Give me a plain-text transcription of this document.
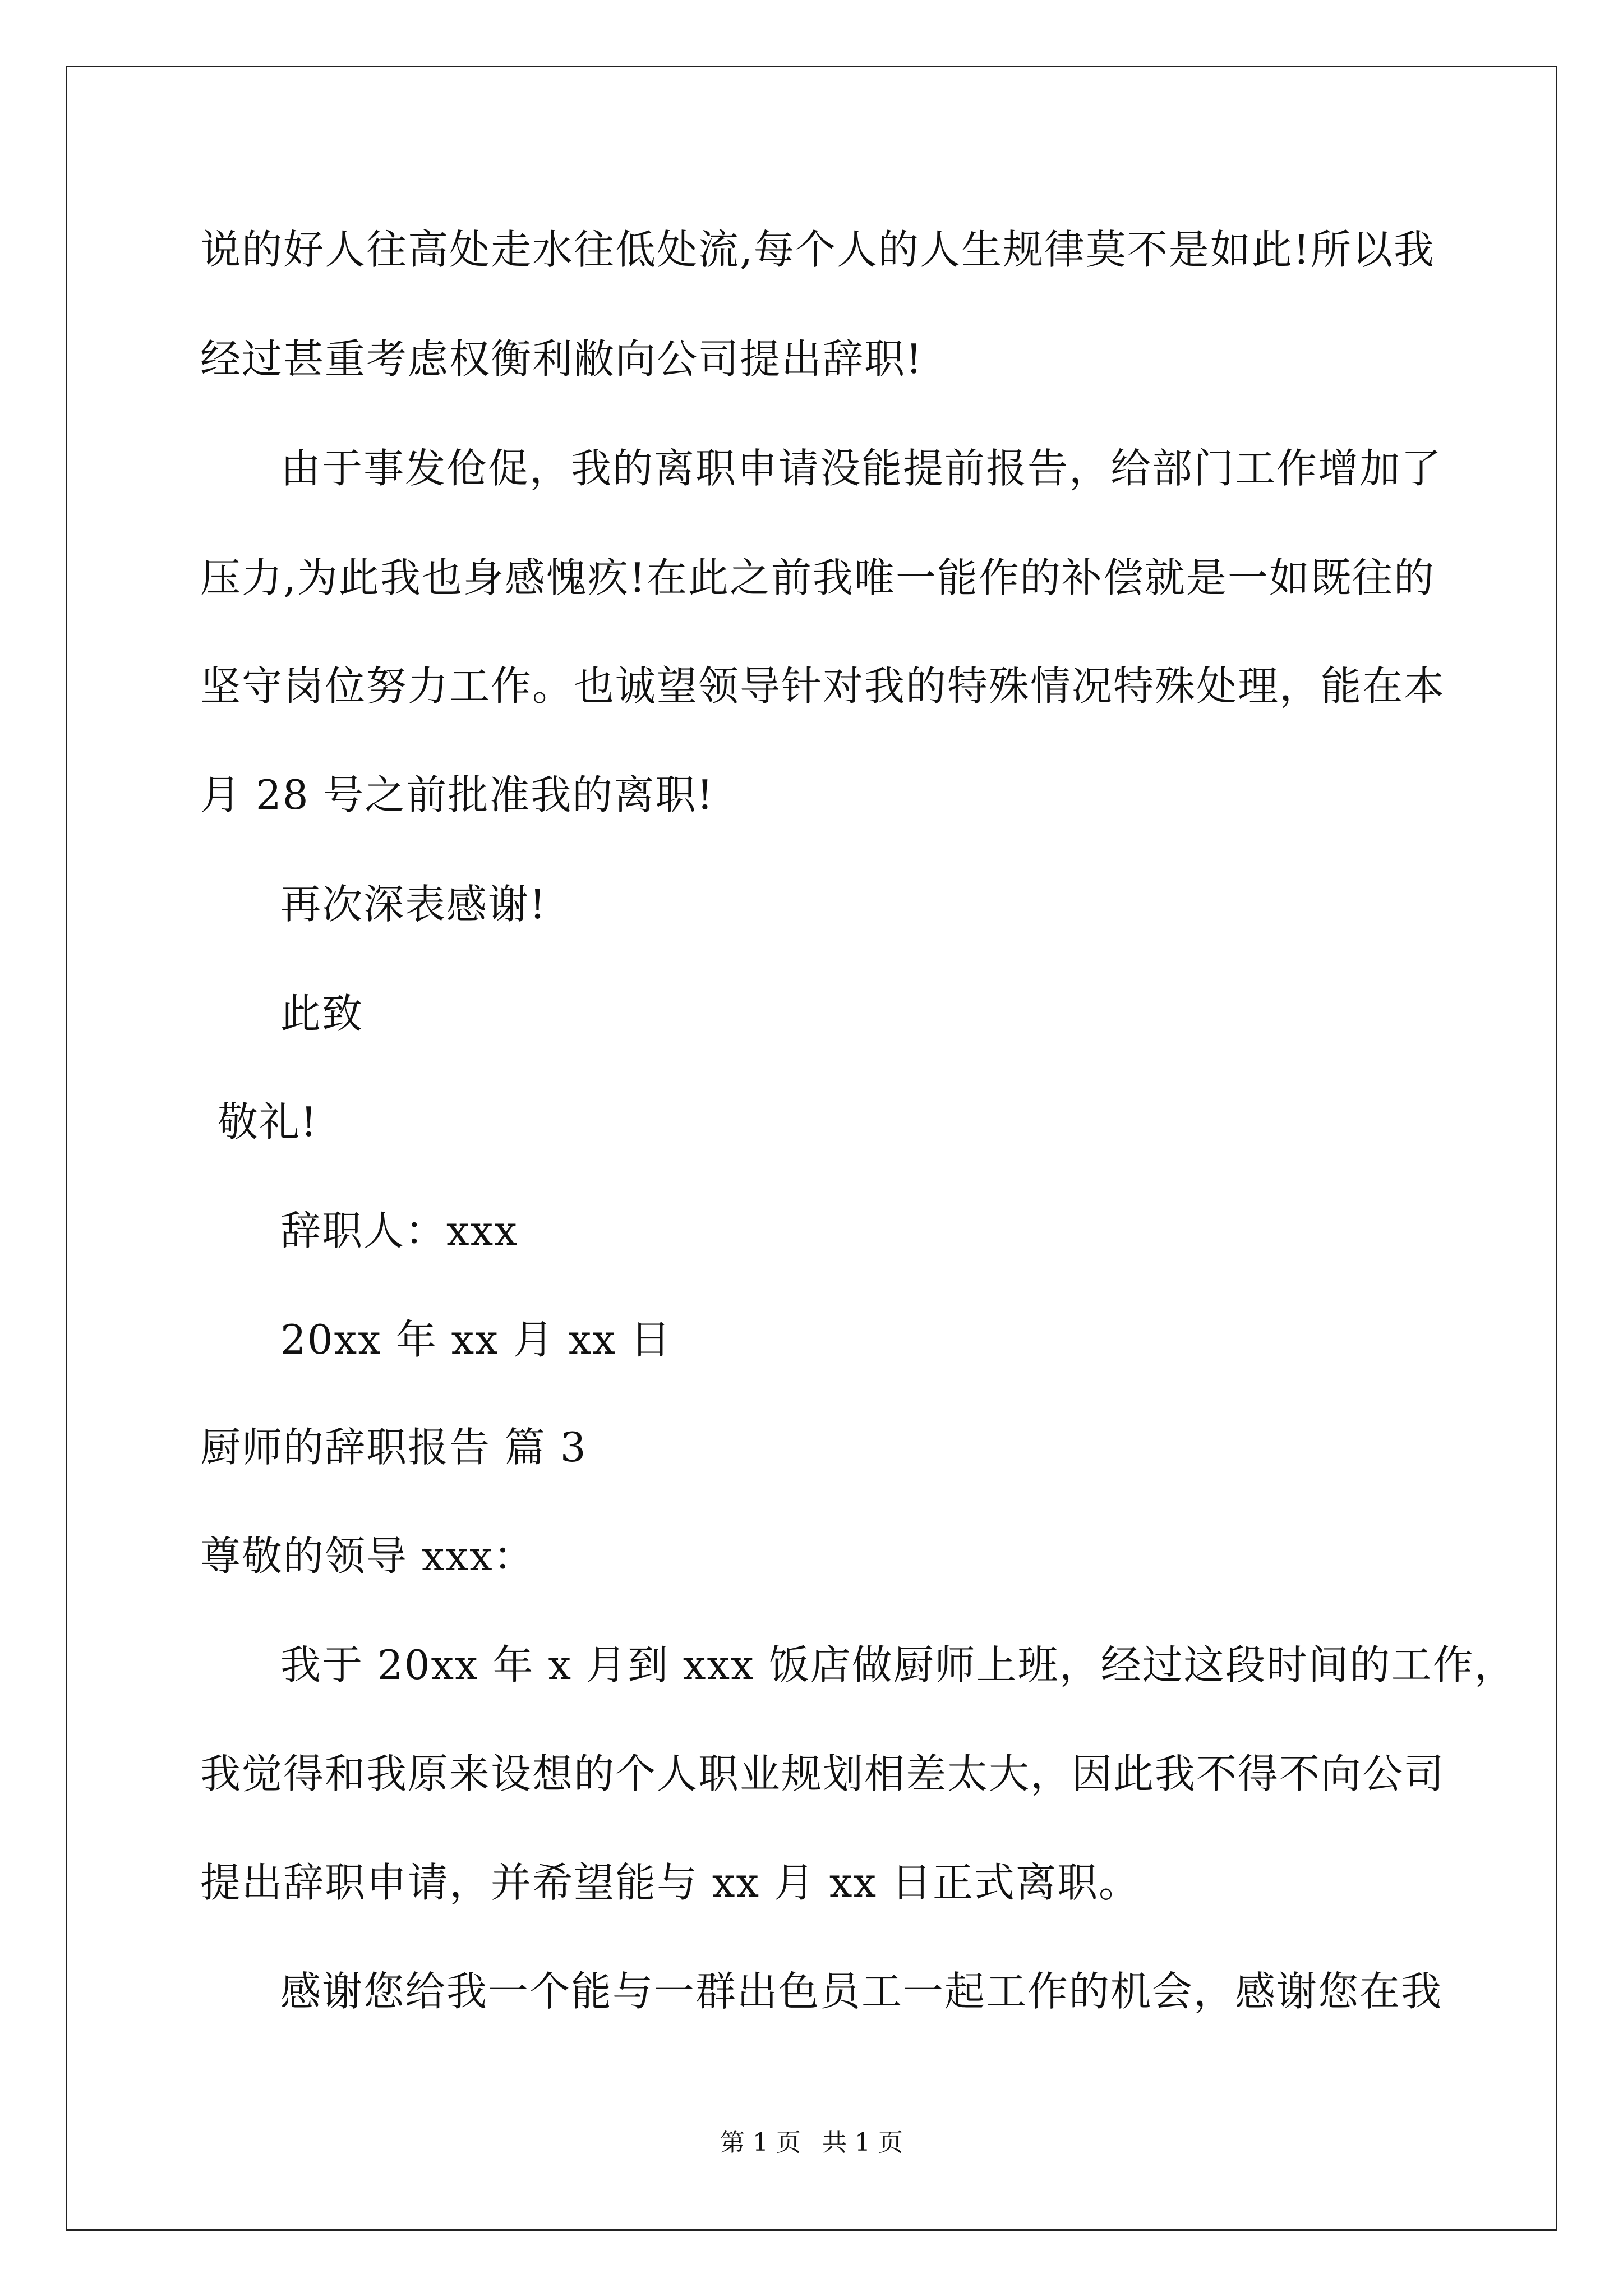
说的好人往高处走水往低处流,每个人的人生规律莫不是如此!所以我
经过甚重考虑权衡利敝向公司提出辞职!
由于事发伧促，我的离职申请没能提前报告，给部门工作增加了
压力,为此我也身感愧疚!在此之前我唯一能作的补偿就是一如既往的
坚守岗位努力工作。也诚望领导针对我的特殊情况特殊处理，能在本
月 28 号之前批准我的离职!
再次深表感谢!
此致
敬礼!
辞职人：xxx
20xx 年 xx 月 xx 日
厨师的辞职报告 篇 3
尊敬的领导 xxx：
我于 20xx 年 x 月到 xxx 饭店做厨师上班，经过这段时间的工作，
我觉得和我原来设想的个人职业规划相差太大，因此我不得不向公司
提出辞职申请，并希望能与 xx 月 xx 日正式离职。
感谢您给我一个能与一群出色员工一起工作的机会，感谢您在我
第 1 页 共 1 页
